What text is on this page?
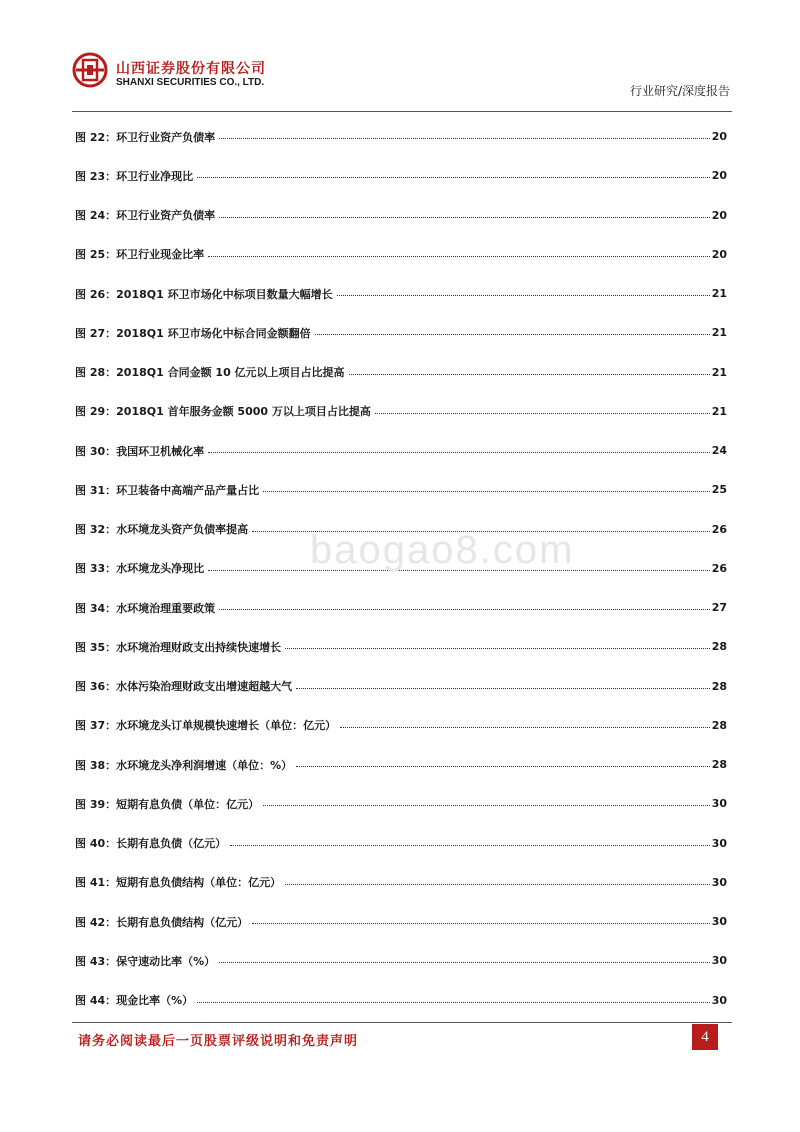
山西证券股份有限公司
SHANXI SECURITIES CO., LTD.
行业研究/深度报告
图 22： 环卫行业资产负债率	20
图 23： 环卫行业净现比	20
图 24： 环卫行业资产负债率	20
图 25： 环卫行业现金比率	20
图 26： 2018Q1 环卫市场化中标项目数量大幅增长	21
图 27： 2018Q1 环卫市场化中标合同金额翻倍	21
图 28： 2018Q1 合同金额 10 亿元以上项目占比提高	21
图 29： 2018Q1 首年服务金额 5000 万以上项目占比提高	21
图 30： 我国环卫机械化率	24
图 31： 环卫装备中高端产品产量占比	25
图 32： 水环境龙头资产负债率提高	26
图 33： 水环境龙头净现比	26
图 34： 水环境治理重要政策	27
图 35： 水环境治理财政支出持续快速增长	28
图 36： 水体污染治理财政支出增速超越大气	28
图 37： 水环境龙头订单规模快速增长（单位：亿元）	28
图 38： 水环境龙头净利润增速（单位：%）	28
图 39： 短期有息负债（单位：亿元）	30
图 40： 长期有息负债（亿元）	30
图 41： 短期有息负债结构（单位：亿元）	30
图 42： 长期有息负债结构（亿元）	30
图 43： 保守速动比率（%）	30
图 44： 现金比率（%）	30
baogao8.com
请务必阅读最后一页股票评级说明和免责声明	4
